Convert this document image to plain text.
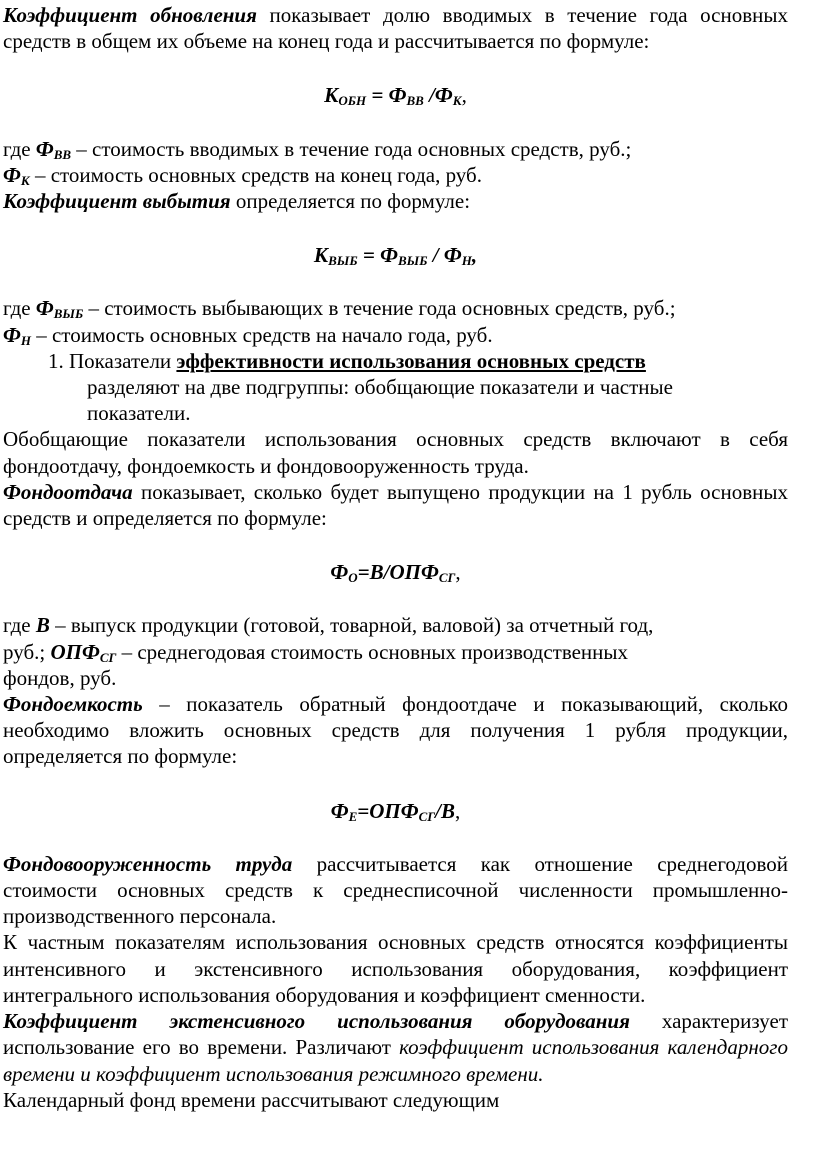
Коэффициент обновления показывает долю вводимых в течение года основных средств в общем их объеме на конец года и рассчитывается по формуле:

$К_{ОБН} = Ф_{ВВ}$ $/Ф_К$,

где $Ф_{ВВ}$ – стоимость вводимых в течение года основных средств, руб.;

$Ф_К$ – стоимость основных средств на конец года, руб.

Коэффициент выбытия определяется по формуле:

$К_{ВЫБ} = Ф_{ВЫБ} / Ф_Н$,

где $Ф_{ВЫБ}$ – стоимость выбывающих в течение года основных средств, руб.;

$Ф_Н$ – стоимость основных средств на начало года, руб.

1. Показатели эффективности использования основных средств

разделяют на две подгруппы: обобщающие показатели и частные

показатели.

Обобщающие показатели использования основных средств включают в себя

фондоотдачу, фондоемкость и фондовооруженность труда.

Фондоотдача показывает, сколько будет выпущено продукции на 1 рубль основных средств и определяется по формуле:

$Ф_О=В/ОПФ_{СГ}$,

где В – выпуск продукции (готовой, товарной, валовой) за отчетный год,

руб.; $ОПФ_{СГ}$ – среднегодовая стоимость основных производственных

фондов, руб.

Фондоемкость – показатель обратный фондоотдаче и показывающий, сколько

необходимо вложить основных средств для получения 1 рубля продукции,

определяется по формуле:

$Ф_Е=ОПФ_{СГ}/В$,

Фондовооруженность труда рассчитывается как отношение среднегодовой стоимости основных средств к среднесписочной численности промышленно-производственного персонала.

К частным показателям использования основных средств относятся коэффициенты интенсивного и экстенсивного использования оборудования, коэффициент интегрального использования оборудования и коэффициент сменности.

Коэффициент экстенсивного использования оборудования характеризует использование его во времени. Различают коэффициент использования календарного времени и коэффициент использования режимного времени.

Календарный фонд времени рассчитывают следующим
